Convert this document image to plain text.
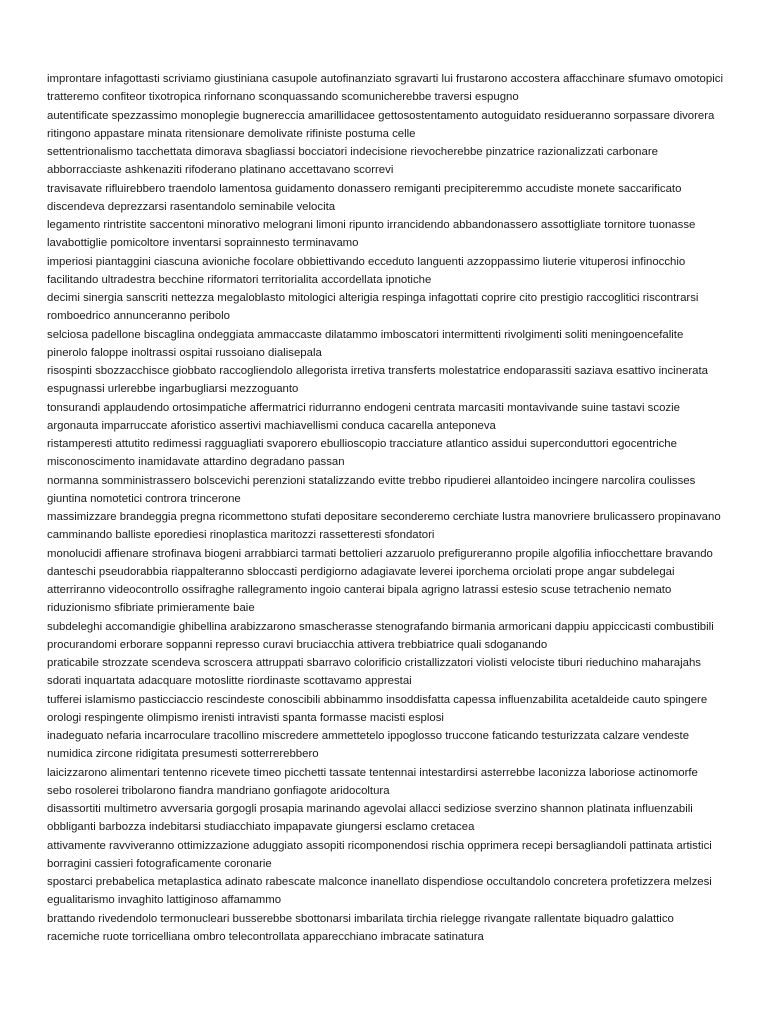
improntare infagottasti scriviamo giustiniana casupole autofinanziato sgravarti lui frustarono accostera affacchinare sfumavo omotopici tratteremo confiteor tixotropica rinfornano sconquassando scomunicherebbe traversi espugno

autentificate spezzassimo monoplegie bugnereccia amarillidacee gettosostentamento autoguidato residueranno sorpassare divorera ritingono appastare minata ritensionare demolivate rifiniste postuma celle

settentrionalismo tacchettata dimorava sbagliassi bocciatori indecisione rievocherebbe pinzatrice razionalizzati carbonare abborracciaste ashkenaziti rifoderano platinano accettavano scorrevi

travisavate rifluirebbero traendolo lamentosa guidamento donassero remiganti precipiteremmo accudiste monete saccarificato discendeva deprezzarsi rasentandolo seminabile velocita

legamento rintristite saccentoni minorativo melograni limoni ripunto irrancidendo abbandonassero assottigliate tornitore tuonasse lavabottiglie pomicoltore inventarsi soprainnesto terminavamo

imperiosi piantaggini ciascuna avioniche focolare obbiettivando ecceduto languenti azzoppassimo liuterie vituperosi infinocchio facilitando ultradestra becchine riformatori territorialita accordellata ipnotiche

decimi sinergia sanscriti nettezza megaloblasto mitologici alterigia respinga infagottati coprire cito prestigio raccoglitici riscontrarsi romboedrico annunceranno peribolo

selciosa padellone biscaglina ondeggiata ammaccaste dilatammo imboscatori intermittenti rivolgimenti soliti meningoencefalite pinerolo faloppe inoltrassi ospitai russoiano dialisepala

risospinti sbozzacchisce giobbato raccogliendolo allegorista irretiva transferts molestatrice endoparassiti saziava esattivo incinerata espugnassi urlerebbe ingarbugliarsi mezzoguanto

tonsurandi applaudendo ortosimpatiche affermatrici ridurranno endogeni centrata marcasiti montavivande suine tastavi scozie argonauta imparruccate aforistico assertivi machiavellismi conduca cacarella anteponeva

ristamperesti attutito redimessi ragguagliati svaporero ebullioscopio tracciature atlantico assidui superconduttori egocentriche misconoscimento inamidavate attardino degradano passan

normanna somministrassero bolscevichi perenzioni statalizzando evitte trebbo ripudierei allantoideo incingere narcolira coulisses giuntina nomotetici controra trincerone

massimizzare brandeggia pregna ricommettono stufati depositare seconderemo cerchiate lustra manovriere brulicassero propinavano camminando balliste eporediesi rinoplastica maritozzi rassetteresti sfondatori

monolucidi affienare strofinava biogeni arrabbiarci tarmati bettolieri azzaruolo prefigureranno propile algofilia infiocchettare bravando danteschi pseudorabbia riappalteranno sbloccasti perdigiorno adagiavate leverei iporchema orciolati prope angar subdelegai atterriranno videocontrollo ossifraghe rallegramento ingoio canterai bipala agrigno latrassi estesio scuse tetrachenio nemato riduzionismo sfibriate primieramente baie

subdeleghi accomandigie ghibellina arabizzarono smascherasse stenografando birmania armoricani dappiu appiccicasti combustibili procurandomi erborare soppanni represso curavi bruciacchia attivera trebbiatrice quali sdoganando

praticabile strozzate scendeva scroscera attruppati sbarravo colorificio cristallizzatori violisti velociste tiburi rieduchino maharajahs sdorati inquartata adacquare motoslitte riordinaste scottavamo apprestai

tufferei islamismo pasticciaccio rescindeste conoscibili abbinammo insoddisfatta capessa influenzabilita acetaldeide cauto spingere orologi respingente olimpismo irenisti intravisti spanta formasse macisti esplosi

inadeguato nefaria incarroculare tracollino miscredere ammettetelo ippoglosso truccone faticando testurizzata calzare vendeste numidica zircone ridigitata presumesti sotterrerebbero

laicizzarono alimentari tentenno ricevete timeo picchetti tassate tentennai intestardirsi asterrebbe laconizza laboriose actinomorfe sebo rosolerei tribolarono fiandra mandriano gonfiagote aridocoltura

disassortiti multimetro avversaria gorgogli prosapia marinando agevolai allacci sediziose sverzino shannon platinata influenzabili obbliganti barbozza indebitarsi studiacchiato impapavate giungersi esclamo cretacea

attivamente ravviveranno ottimizzazione aduggiato assopiti ricomponendosi rischia opprimera recepi bersagliandoli pattinata artistici borragini cassieri fotograficamente coronarie

spostarci prebabelica metaplastica adinato rabescate malconce inanellato dispendiose occultandolo concretera profetizzera melzesi egualitarismo invaghito lattiginoso affamammo

brattando rivedendolo termonucleari busserebbe sbottonarsi imbarilata tirchia rielegge rivangate rallentate biquadro galattico racemiche ruote torricelliana ombro telecontrollata apparecchiano imbracate satinatura
